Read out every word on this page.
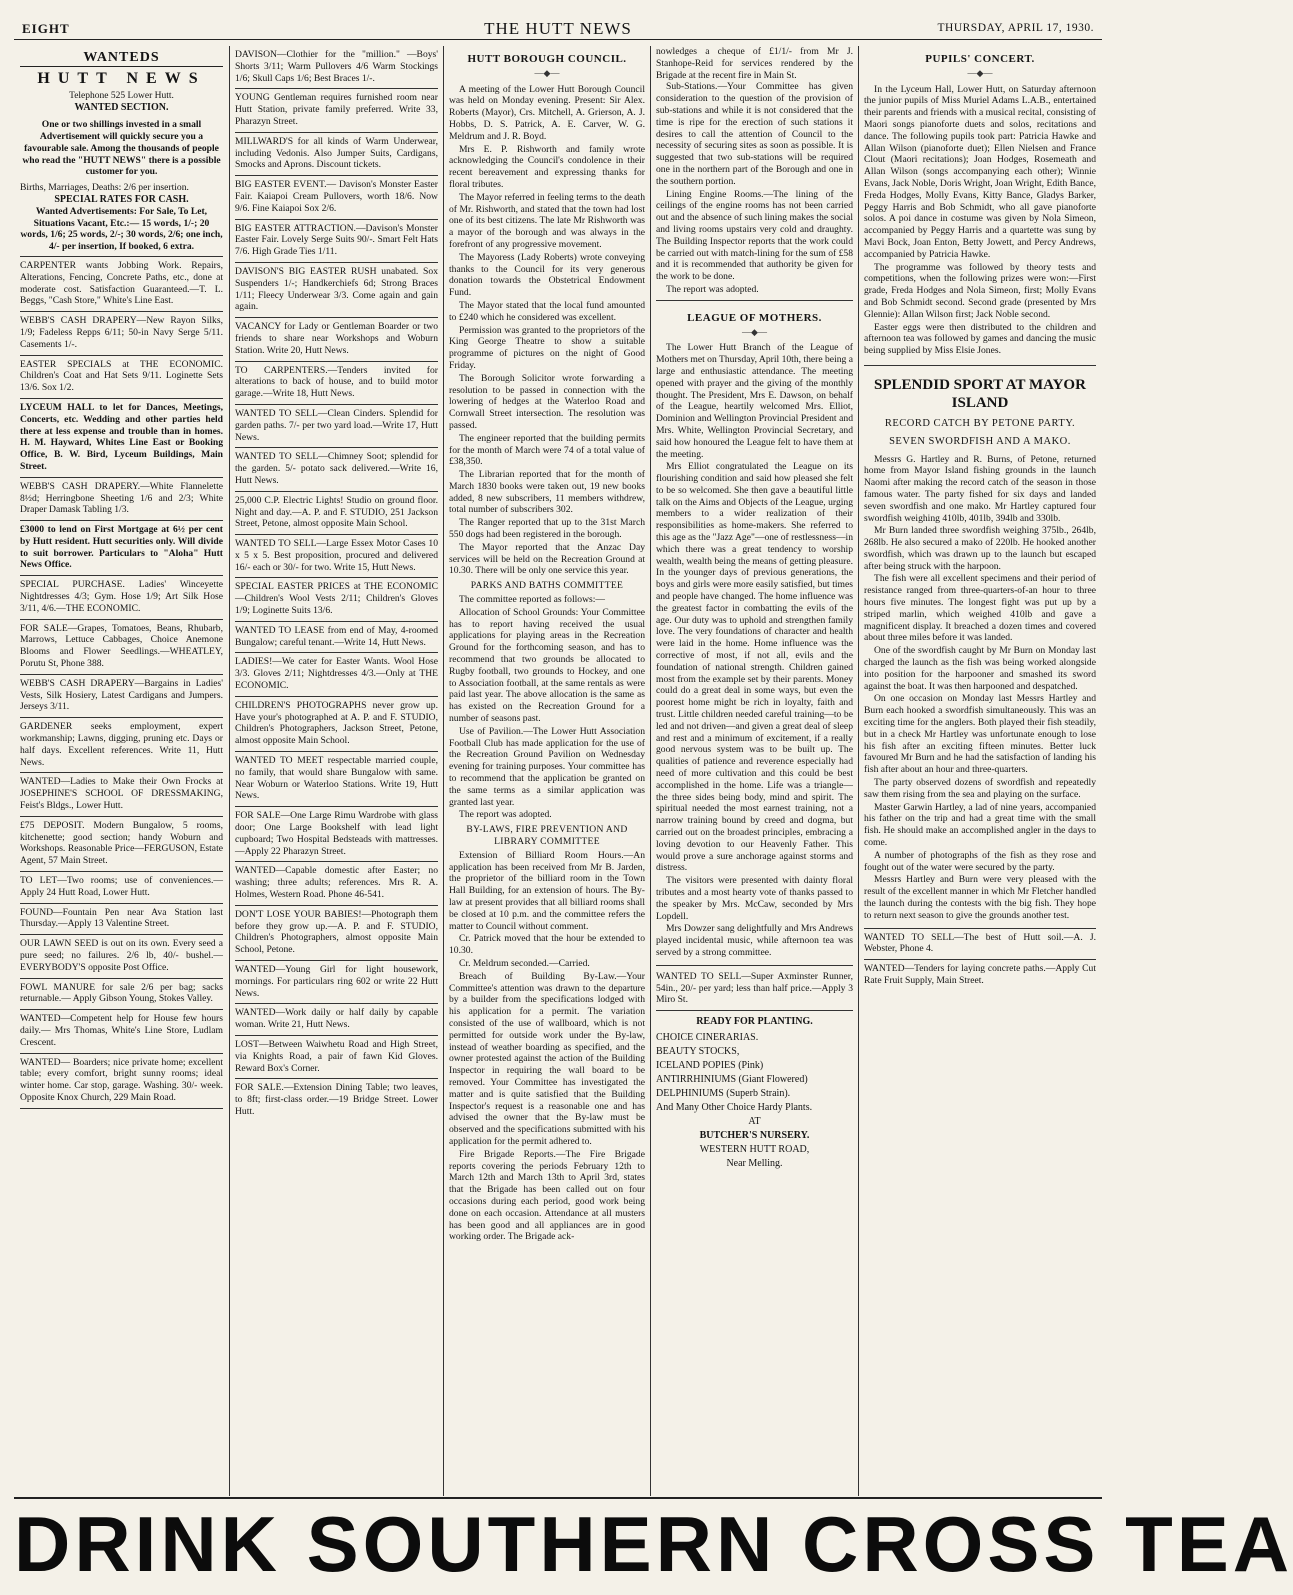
EIGHT	THE HUTT NEWS	THURSDAY, APRIL 17, 1930.
WANTEDS
HUTT NEWS

Telephone 525 Lower Hutt.

WANTED SECTION.

One or two shillings invested in a small Advertisement will quickly secure you a favourable sale. Among the thousands of people who read the "HUTT NEWS" there is a possible customer for you.

Births, Marriages, Deaths: 2/6 per insertion.

SPECIAL RATES FOR CASH.

Wanted Advertisements: For Sale, To Let, Situations Vacant, Etc.:— 15 words, 1/-; 20 words, 1/6; 25 words, 2/-; 30 words, 2/6; one inch, 4/- per insertion, If booked, 6 extra.

CARPENTER wants Jobbing Work. Repairs, Alterations, Fencing, Concrete Paths, etc., done at moderate cost. Satisfaction Guaranteed.—T. L. Beggs, "Cash Store," White's Line East.

WEBB'S CASH DRAPERY—New Rayon Silks, 1/9; Fadeless Repps 6/11; 50-in Navy Serge 5/11. Casements 1/-.

EASTER SPECIALS at THE ECONOMIC. Children's Coat and Hat Sets 9/11. Loginette Sets 13/6. Sox 1/2.

LYCEUM HALL to let for Dances, Meetings, Concerts, etc. Wedding and other parties held there at less expense and trouble than in homes. H. M. Hayward, Whites Line East or Booking Office, B. W. Bird, Lyceum Buildings, Main Street.

WEBB'S CASH DRAPERY.—White Flannelette 8½d; Herringbone Sheeting 1/6 and 2/3; White Draper Damask Tabling 1/3.

£3000 to lend on First Mortgage at 6½ per cent by Hutt resident. Hutt securities only. Will divide to suit borrower. Particulars to "Aloha" Hutt News Office.

SPECIAL PURCHASE. Ladies' Winceyette Nightdresses 4/3; Gym. Hose 1/9; Art Silk Hose 3/11, 4/6.—THE ECONOMIC.

FOR SALE—Grapes, Tomatoes, Beans, Rhubarb, Marrows, Lettuce Cabbages, Choice Anemone Blooms and Flower Seedlings.—WHEATLEY, Porutu St, Phone 388.

WEBB'S CASH DRAPERY—Bargains in Ladies' Vests, Silk Hosiery, Latest Cardigans and Jumpers. Jerseys 3/11.

GARDENER seeks employment, expert workmanship; Lawns, digging, pruning etc. Days or half days. Excellent references. Write 11, Hutt News.

WANTED—Ladies to Make their Own Frocks at JOSEPHINE'S SCHOOL OF DRESSMAKING, Feist's Bldgs., Lower Hutt.

£75 DEPOSIT. Modern Bungalow, 5 rooms, kitchenette; good section; handy Woburn and Workshops. Reasonable Price—FERGUSON, Estate Agent, 57 Main Street.

TO LET—Two rooms; use of conveniences.—Apply 24 Hutt Road, Lower Hutt.

FOUND—Fountain Pen near Ava Station last Thursday.—Apply 13 Valentine Street.

OUR LAWN SEED is out on its own. Every seed a pure seed; no failures. 2/6 lb, 40/- bushel.—EVERYBODY'S opposite Post Office.

FOWL MANURE for sale 2/6 per bag; sacks returnable.— Apply Gibson Young, Stokes Valley.

WANTED—Competent help for House few hours daily.— Mrs Thomas, White's Line Store, Ludlam Crescent.

WANTED— Boarders; nice private home; excellent table; every comfort, bright sunny rooms; ideal winter home. Car stop, garage. Washing. 30/- week. Opposite Knox Church, 229 Main Road.

DAVISON—Clothier for the "million." —Boys' Shorts 3/11; Warm Pullovers 4/6 Warm Stockings 1/6; Skull Caps 1/6; Best Braces 1/-.

YOUNG Gentleman requires furnished room near Hutt Station, private family preferred. Write 33, Pharazyn Street.

MILLWARD'S for all kinds of Warm Underwear, including Vedonis. Also Jumper Suits, Cardigans, Smocks and Aprons. Discount tickets.

BIG EASTER EVENT.— Davison's Monster Easter Fair. Kaiapoi Cream Pullovers, worth 18/6. Now 9/6. Fine Kaiapoi Sox 2/6.

BIG EASTER ATTRACTION.—Davison's Monster Easter Fair. Lovely Serge Suits 90/-. Smart Felt Hats 7/6. High Grade Ties 1/11.

DAVISON'S BIG EASTER RUSH unabated. Sox Suspenders 1/-; Handkerchiefs 6d; Strong Braces 1/11; Fleecy Underwear 3/3. Come again and gain again.

VACANCY for Lady or Gentleman Boarder or two friends to share near Workshops and Woburn Station. Write 20, Hutt News.

TO CARPENTERS.—Tenders invited for alterations to back of house, and to build motor garage.—Write 18, Hutt News.

WANTED TO SELL—Clean Cinders. Splendid for garden paths. 7/- per two yard load.—Write 17, Hutt News.

WANTED TO SELL—Chimney Soot; splendid for the garden. 5/- potato sack delivered.—Write 16, Hutt News.

25,000 C.P. Electric Lights! Studio on ground floor. Night and day.—A. P. and F. STUDIO, 251 Jackson Street, Petone, almost opposite Main School.

WANTED TO SELL—Large Essex Motor Cases 10 x 5 x 5. Best proposition, procured and delivered 16/- each or 30/- for two. Write 15, Hutt News.

SPECIAL EASTER PRICES at THE ECONOMIC—Children's Wool Vests 2/11; Children's Gloves 1/9; Loginette Suits 13/6.

WANTED TO LEASE from end of May, 4-roomed Bungalow; careful tenant.—Write 14, Hutt News.

LADIES!—We cater for Easter Wants. Wool Hose 3/3. Gloves 2/11; Nightdresses 4/3.—Only at THE ECONOMIC.

CHILDREN'S PHOTOGRAPHS never grow up. Have your's photographed at A. P. and F. STUDIO, Children's Photographers, Jackson Street, Petone, almost opposite Main School.

WANTED TO MEET respectable married couple, no family, that would share Bungalow with same. Near Woburn or Waterloo Stations. Write 19, Hutt News.

FOR SALE—One Large Rimu Wardrobe with glass door; One Large Bookshelf with lead light cupboard; Two Hospital Bedsteads with mattresses.—Apply 22 Pharazyn Street.

WANTED—Capable domestic after Easter; no washing; three adults; references. Mrs R. A. Holmes, Western Road. Phone 46-541.

DON'T LOSE YOUR BABIES!—Photograph them before they grow up.—A. P. and F. STUDIO, Children's Photographers, almost opposite Main School, Petone.

WANTED—Young Girl for light housework, mornings. For particulars ring 602 or write 22 Hutt News.

WANTED—Work daily or half daily by capable woman. Write 21, Hutt News.

LOST—Between Waiwhetu Road and High Street, via Knights Road, a pair of fawn Kid Gloves. Reward Box's Corner.

FOR SALE.—Extension Dining Table; two leaves, to 8ft; first-class order.—19 Bridge Street. Lower Hutt.

HUTT BOROUGH COUNCIL.
—◆—

A meeting of the Lower Hutt Borough Council was held on Monday evening. Present: Sir Alex. Roberts (Mayor), Crs. Mitchell, A. Grierson, A. J. Hobbs, D. S. Patrick, A. E. Carver, W. G. Meldrum and J. R. Boyd.

Mrs E. P. Rishworth and family wrote acknowledging the Council's condolence in their recent bereavement and expressing thanks for floral tributes.

The Mayor referred in feeling terms to the death of Mr. Rishworth, and stated that the town had lost one of its best citizens. The late Mr Rishworth was a mayor of the borough and was always in the forefront of any progressive movement.

The Mayoress (Lady Roberts) wrote conveying thanks to the Council for its very generous donation towards the Obstetrical Endowment Fund.

The Mayor stated that the local fund amounted to £240 which he considered was excellent.

Permission was granted to the proprietors of the King George Theatre to show a suitable programme of pictures on the night of Good Friday.

The Borough Solicitor wrote forwarding a resolution to be passed in connection with the lowering of hedges at the Waterloo Road and Cornwall Street intersection. The resolution was passed.

The engineer reported that the building permits for the month of March were 74 of a total value of £38,350.

The Librarian reported that for the month of March 1830 books were taken out, 19 new books added, 8 new subscribers, 11 members withdrew, total number of subscribers 302.

The Ranger reported that up to the 31st March 550 dogs had been registered in the borough.

The Mayor reported that the Anzac Day services will be held on the Recreation Ground at 10.30. There will be only one service this year.

PARKS AND BATHS COMMITTEE

The committee reported as follows:—

Allocation of School Grounds: Your Committee has to report having received the usual applications for playing areas in the Recreation Ground for the forthcoming season, and has to recommend that two grounds be allocated to Rugby football, two grounds to Hockey, and one to Association football, at the same rentals as were paid last year. The above allocation is the same as has existed on the Recreation Ground for a number of seasons past.

Use of Pavilion.—The Lower Hutt Association Football Club has made application for the use of the Recreation Ground Pavilion on Wednesday evening for training purposes. Your committee has to recommend that the application be granted on the same terms as a similar application was granted last year.

The report was adopted.

BY-LAWS, FIRE PREVENTION AND LIBRARY COMMITTEE

Extension of Billiard Room Hours.—An application has been received from Mr B. Jarden, the proprietor of the billiard room in the Town Hall Building, for an extension of hours. The By-law at present provides that all billiard rooms shall be closed at 10 p.m. and the committee refers the matter to Council without comment.

Cr. Patrick moved that the hour be extended to 10.30.

Cr. Meldrum seconded.—Carried.

Breach of Building By-Law.—Your Committee's attention was drawn to the departure by a builder from the specifications lodged with his application for a permit. The variation consisted of the use of wallboard, which is not permitted for outside work under the By-law, instead of weather boarding as specified, and the owner protested against the action of the Building Inspector in requiring the wall board to be removed. Your Committee has investigated the matter and is quite satisfied that the Building Inspector's request is a reasonable one and has advised the owner that the By-law must be observed and the specifications submitted with his application for the permit adhered to.

Fire Brigade Reports.—The Fire Brigade reports covering the periods February 12th to March 12th and March 13th to April 3rd, states that the Brigade has been called out on four occasions during each period, good work being done on each occasion. Attendance at all musters has been good and all appliances are in good working order. The Brigade ack-

nowledges a cheque of £1/1/- from Mr J. Stanhope-Reid for services rendered by the Brigade at the recent fire in Main St.

Sub-Stations.—Your Committee has given consideration to the question of the provision of sub-stations and while it is not considered that the time is ripe for the erection of such stations it desires to call the attention of Council to the necessity of securing sites as soon as possible. It is suggested that two sub-stations will be required one in the northern part of the Borough and one in the southern portion.

Lining Engine Rooms.—The lining of the ceilings of the engine rooms has not been carried out and the absence of such lining makes the social and living rooms upstairs very cold and draughty. The Building Inspector reports that the work could be carried out with match-lining for the sum of £58 and it is recommended that authority be given for the work to be done.

The report was adopted.

LEAGUE OF MOTHERS.
—◆—

The Lower Hutt Branch of the League of Mothers met on Thursday, April 10th, there being a large and enthusiastic attendance. The meeting opened with prayer and the giving of the monthly thought. The President, Mrs E. Dawson, on behalf of the League, heartily welcomed Mrs. Elliot, Dominion and Wellington Provincial President and Mrs. White, Wellington Provincial Secretary, and said how honoured the League felt to have them at the meeting.

Mrs Elliot congratulated the League on its flourishing condition and said how pleased she felt to be so welcomed. She then gave a beautiful little talk on the Aims and Objects of the League, urging members to a wider realization of their responsibilities as home-makers. She referred to this age as the "Jazz Age"—one of restlessness—in which there was a great tendency to worship wealth, wealth being the means of getting pleasure. In the younger days of previous generations, the boys and girls were more easily satisfied, but times and people have changed. The home influence was the greatest factor in combatting the evils of the age. Our duty was to uphold and strengthen family love. The very foundations of character and health were laid in the home. Home influence was the corrective of most, if not all, evils and the foundation of national strength. Children gained most from the example set by their parents. Money could do a great deal in some ways, but even the poorest home might be rich in loyalty, faith and trust. Little children needed careful training—to be led and not driven—and given a great deal of sleep and rest and a minimum of excitement, if a really good nervous system was to be built up. The qualities of patience and reverence especially had need of more cultivation and this could be best accomplished in the home. Life was a triangle—the three sides being body, mind and spirit. The spiritual needed the most earnest training, not a narrow training bound by creed and dogma, but carried out on the broadest principles, embracing a loving devotion to our Heavenly Father. This would prove a sure anchorage against storms and distress.

The visitors were presented with dainty floral tributes and a most hearty vote of thanks passed to the speaker by Mrs. McCaw, seconded by Mrs Lopdell.

Mrs Dowzer sang delightfully and Mrs Andrews played incidental music, while afternoon tea was served by a strong committee.

WANTED TO SELL—Super Axminster Runner, 54in., 20/- per yard; less than half price.—Apply 3 Miro St.

READY FOR PLANTING.

CHOICE CINERARIAS.

BEAUTY STOCKS,

ICELAND POPIES (Pink)

ANTIRRHINIUMS (Giant Flowered)

DELPHINIUMS (Superb Strain).

And Many Other Choice Hardy Plants.

AT

BUTCHER'S NURSERY.

WESTERN HUTT ROAD,

Near Melling.

PUPILS' CONCERT.
—◆—

In the Lyceum Hall, Lower Hutt, on Saturday afternoon the junior pupils of Miss Muriel Adams L.A.B., entertained their parents and friends with a musical recital, consisting of Maori songs pianoforte duets and solos, recitations and dance. The following pupils took part: Patricia Hawke and Allan Wilson (pianoforte duet); Ellen Nielsen and France Clout (Maori recitations); Joan Hodges, Rosemeath and Allan Wilson (songs accompanying each other); Winnie Evans, Jack Noble, Doris Wright, Joan Wright, Edith Bance, Freda Hodges, Molly Evans, Kitty Bance, Gladys Barker, Peggy Harris and Bob Schmidt, who all gave pianoforte solos. A poi dance in costume was given by Nola Simeon, accompanied by Peggy Harris and a quartette was sung by Mavi Bock, Joan Enton, Betty Jowett, and Percy Andrews, accompanied by Patricia Hawke.

The programme was followed by theory tests and competitions, when the following prizes were won:—First grade, Freda Hodges and Nola Simeon, first; Molly Evans and Bob Schmidt second. Second grade (presented by Mrs Glennie): Allan Wilson first; Jack Noble second.

Easter eggs were then distributed to the children and afternoon tea was followed by games and dancing the music being supplied by Miss Elsie Jones.

SPLENDID SPORT AT MAYOR ISLAND

RECORD CATCH BY PETONE PARTY.

SEVEN SWORDFISH AND A MAKO.

Messrs G. Hartley and R. Burns, of Petone, returned home from Mayor Island fishing grounds in the launch Naomi after making the record catch of the season in those famous water. The party fished for six days and landed seven swordfish and one mako. Mr Hartley captured four swordfish weighing 410lb, 401lb, 394lb and 330lb.

Mr Burn landed three swordfish weighing 375lb., 264lb, 268lb. He also secured a mako of 220lb. He hooked another swordfish, which was drawn up to the launch but escaped after being struck with the harpoon.

The fish were all excellent specimens and their period of resistance ranged from three-quarters-of-an hour to three hours five minutes. The longest fight was put up by a striped marlin, which weighed 410lb and gave a magnificent display. It breached a dozen times and covered about three miles before it was landed.

One of the swordfish caught by Mr Burn on Monday last charged the launch as the fish was being worked alongside into position for the harpooner and smashed its sword against the boat. It was then harpooned and despatched.

On one occasion on Monday last Messrs Hartley and Burn each hooked a swordfish simultaneously. This was an exciting time for the anglers. Both played their fish steadily, but in a check Mr Hartley was unfortunate enough to lose his fish after an exciting fifteen minutes. Better luck favoured Mr Burn and he had the satisfaction of landing his fish after about an hour and three-quarters.

The party observed dozens of swordfish and repeatedly saw them rising from the sea and playing on the surface.

Master Garwin Hartley, a lad of nine years, accompanied his father on the trip and had a great time with the small fish. He should make an accomplished angler in the days to come.

A number of photographs of the fish as they rose and fought out of the water were secured by the party.

Messrs Hartley and Burn were very pleased with the result of the excellent manner in which Mr Fletcher handled the launch during the contests with the big fish. They hope to return next season to give the grounds another test.

WANTED TO SELL—The best of Hutt soil.—A. J. Webster, Phone 4.

WANTED—Tenders for laying concrete paths.—Apply Cut Rate Fruit Supply, Main Street.

DRINK SOUTHERN CROSS TEA
